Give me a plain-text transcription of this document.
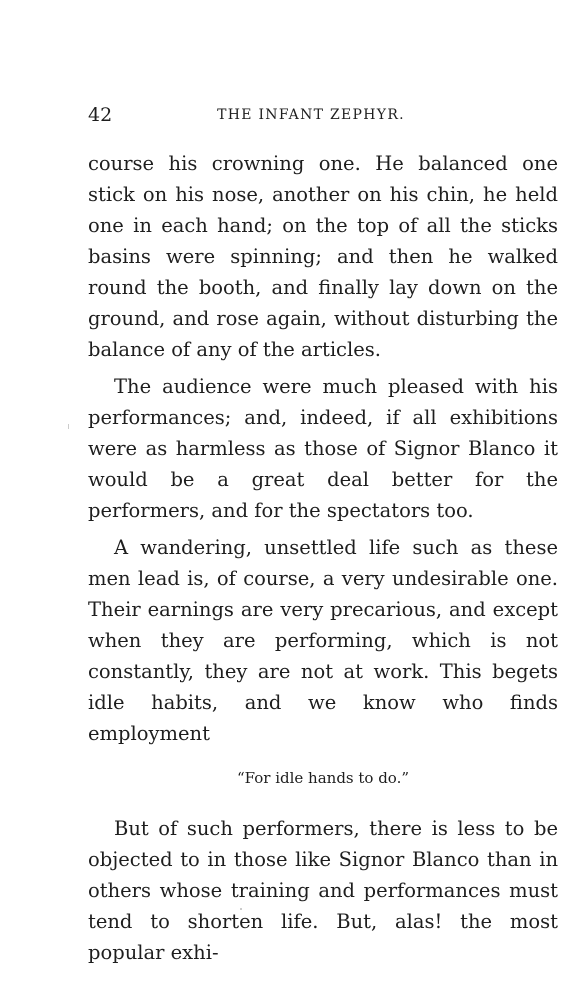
42	THE INFANT ZEPHYR.

course his crowning one. He balanced one stick on his nose, another on his chin, he held one in each hand; on the top of all the sticks basins were spinning; and then he walked round the booth, and finally lay down on the ground, and rose again, without disturbing the balance of any of the articles.

The audience were much pleased with his performances; and, indeed, if all exhibitions were as harmless as those of Signor Blanco it would be a great deal better for the performers, and for the spectators too.

A wandering, unsettled life such as these men lead is, of course, a very undesirable one. Their earnings are very precarious, and except when they are performing, which is not constantly, they are not at work. This begets idle habits, and we know who finds employment

“For idle hands to do.”

But of such performers, there is less to be objected to in those like Signor Blanco than in others whose training and performances must tend to shorten life. But, alas! the most popular exhi-
